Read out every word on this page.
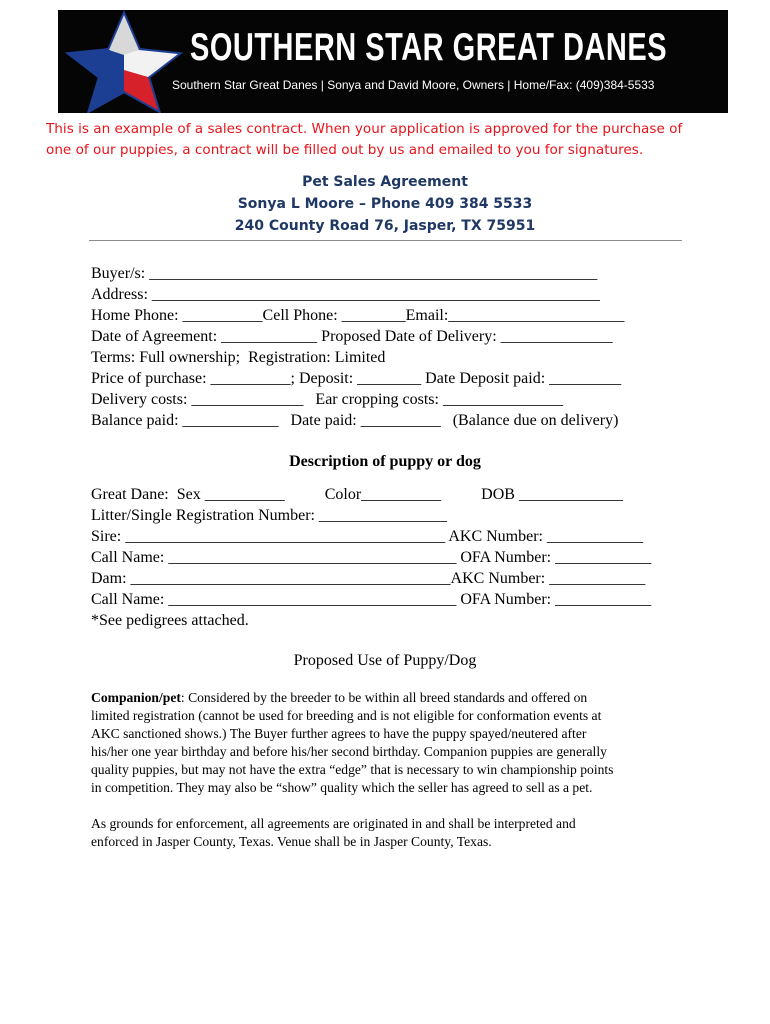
SOUTHERN STAR GREAT DANES
Southern Star Great Danes | Sonya and David Moore, Owners | Home/Fax: (409)384-5533
This is an example of a sales contract. When your application is approved for the purchase of
one of our puppies, a contract will be filled out by us and emailed to you for signatures.
Pet Sales Agreement
Sonya L Moore – Phone 409 384 5533
240 County Road 76, Jasper, TX 75951
Buyer/s: ________________________________________________________
Address: ________________________________________________________
Home Phone: __________Cell Phone: ________Email:______________________
Date of Agreement: ____________ Proposed Date of Delivery: ______________
Terms: Full ownership;  Registration: Limited
Price of purchase: __________; Deposit: ________ Date Deposit paid: _________
Delivery costs: ______________   Ear cropping costs: _______________
Balance paid: ____________   Date paid: __________   (Balance due on delivery)
Description of puppy or dog
Great Dane:  Sex __________          Color__________          DOB _____________
Litter/Single Registration Number: ________________
Sire: ________________________________________ AKC Number: ____________
Call Name: ____________________________________ OFA Number: ____________
Dam: ________________________________________AKC Number: ____________
Call Name: ____________________________________ OFA Number: ____________
*See pedigrees attached.
Proposed Use of Puppy/Dog
Companion/pet: Considered by the breeder to be within all breed standards and offered on
limited registration (cannot be used for breeding and is not eligible for conformation events at
AKC sanctioned shows.) The Buyer further agrees to have the puppy spayed/neutered after
his/her one year birthday and before his/her second birthday. Companion puppies are generally
quality puppies, but may not have the extra “edge” that is necessary to win championship points
in competition. They may also be “show” quality which the seller has agreed to sell as a pet.
As grounds for enforcement, all agreements are originated in and shall be interpreted and
enforced in Jasper County, Texas. Venue shall be in Jasper County, Texas.
